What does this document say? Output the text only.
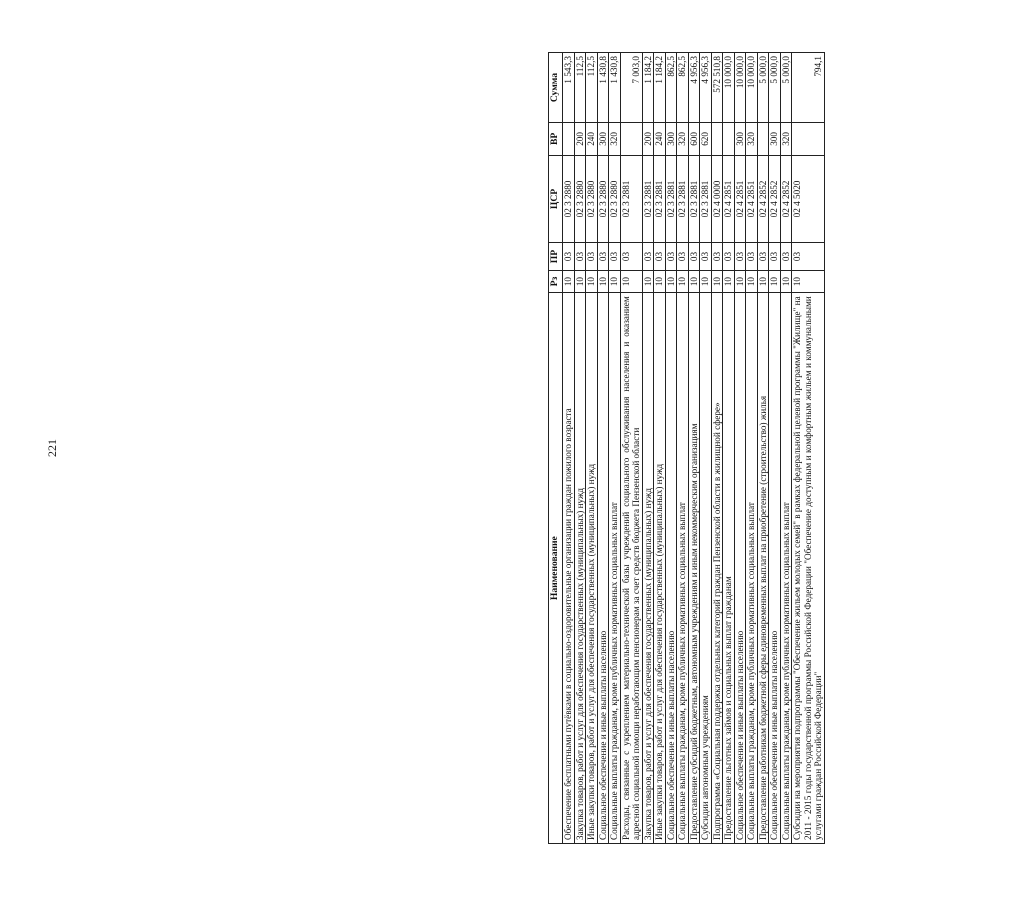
221
Наименование	Рз	ПР	ЦСР	ВР	Сумма
Обеспечение бесплатными путёвками в социально-оздоровительные организации граждан пожилого возраста	10	03	02 3 2880		1 543,3
Закупка товаров, работ и услуг для обеспечения государственных (муниципальных) нужд	10	03	02 3 2880	200	112,5
Иные закупки товаров, работ и услуг для обеспечения государственных (муниципальных) нужд	10	03	02 3 2880	240	112,5
Социальное обеспечение и иные выплаты населению	10	03	02 3 2880	300	1 430,8
Социальные выплаты гражданам, кроме публичных нормативных социальных выплат	10	03	02 3 2880	320	1 430,8
Расходы, связанные с укреплением материально-технической базы учреждений социального обслуживания населения и оказанием адресной социальной помощи неработающим пенсионерам за счет средств бюджета Пензенской области	10	03	02 3 2881		7 003,0
Закупка товаров, работ и услуг для обеспечения государственных (муниципальных) нужд	10	03	02 3 2881	200	1 184,2
Иные закупки товаров, работ и услуг для обеспечения государственных (муниципальных) нужд	10	03	02 3 2881	240	1 184,2
Социальное обеспечение и иные выплаты населению	10	03	02 3 2881	300	862,5
Социальные выплаты гражданам, кроме публичных нормативных социальных выплат	10	03	02 3 2881	320	862,5
Предоставление субсидий бюджетным, автономным учреждениям и иным некоммерческим организациям	10	03	02 3 2881	600	4 956,3
Субсидии автономным учреждениям	10	03	02 3 2881	620	4 956,3
Подпрограмма «Социальная поддержка отдельных категорий граждан Пензенской области в жилищной сфере»	10	03	02 4 0000		572 510,8
Предоставление льготных займов и социальных выплат гражданам	10	03	02 4 2851		10 000,0
Социальное обеспечение и иные выплаты населению	10	03	02 4 2851	300	10 000,0
Социальные выплаты гражданам, кроме публичных нормативных социальных выплат	10	03	02 4 2851	320	10 000,0
Предоставление работникам бюджетной сферы единовременных выплат на приобретение (строительство) жилья	10	03	02 4 2852		5 000,0
Социальное обеспечение и иные выплаты населению	10	03	02 4 2852	300	5 000,0
Социальные выплаты гражданам, кроме публичных нормативных социальных выплат	10	03	02 4 2852	320	5 000,0
Субсидии на мероприятия подпрограммы "Обеспечение жильем молодых семей" в рамках федеральной целевой программы "Жилище" на 2011 - 2015 годы государственной программы Российской Федерации "Обеспечение доступным и комфортным жильем и коммунальными услугами граждан Российской Федерации"	10	03	02 4 5020		794,1
